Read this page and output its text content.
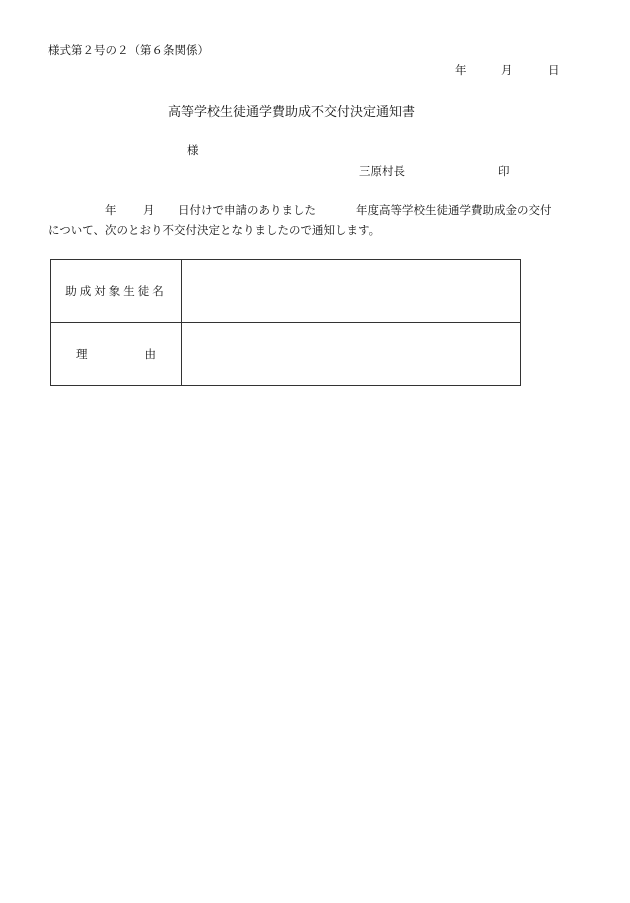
様式第２号の２（第６条関係）
年	月	日
高等学校生徒通学費助成不交付決定通知書
様
三原村長	印
年 月 日付けで申請のありました	年度高等学校生徒通学費助成金の交付
について、次のとおり不交付決定となりましたので通知します。
助成対象生徒名	

理 由	
